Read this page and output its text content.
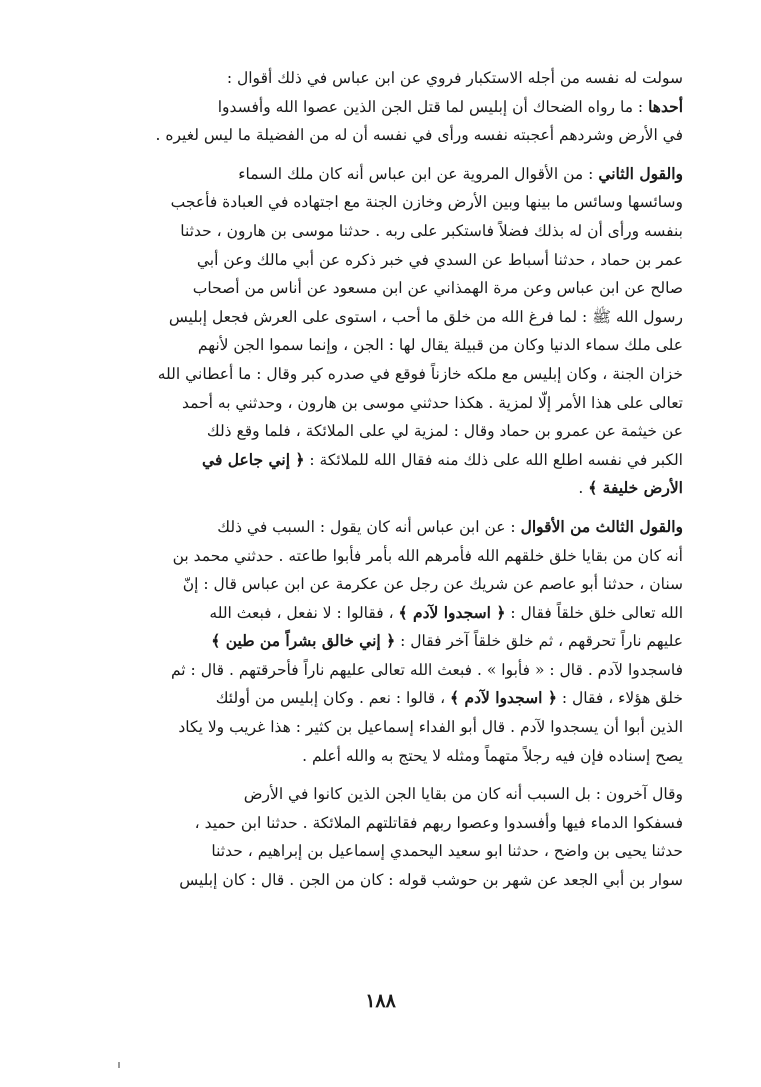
سولت له نفسه من أجله الاستكبار فروي عن ابن عباس في ذلك أقوال :
أحدها : ما رواه الضحاك أن إبليس لما قتل الجن الذين عصوا الله وأفسدوا
في الأرض وشردهم أعجبته نفسه ورأى في نفسه أن له من الفضيلة ما ليس لغيره .
والقول الثاني : من الأقوال المروية عن ابن عباس أنه كان ملك السماء
وسائسها وسائس ما بينها وبين الأرض وخازن الجنة مع اجتهاده في العبادة فأعجب
بنفسه ورأى أن له بذلك فضلاً فاستكبر على ربه . حدثنا موسى بن هارون ، حدثنا
عمر بن حماد ، حدثنا أسباط عن السدي في خبر ذكره عن أبي مالك وعن أبي
صالح عن ابن عباس وعن مرة الهمذاني عن ابن مسعود عن أناس من أصحاب
رسول الله ﷺ : لما فرغ الله من خلق ما أحب ، استوى على العرش فجعل إبليس
على ملك سماء الدنيا وكان من قبيلة يقال لها : الجن ، وإنما سموا الجن لأنهم
خزان الجنة ، وكان إبليس مع ملكه خازناً فوقع في صدره كبر وقال : ما أعطاني الله
تعالى على هذا الأمر إلّا لمزية . هكذا حدثني موسى بن هارون ، وحدثني به أحمد
عن خيثمة عن عمرو بن حماد وقال : لمزية لي على الملائكة ، فلما وقع ذلك
الكبر في نفسه اطلع الله على ذلك منه فقال الله للملائكة : ﴿ إني جاعل في
الأرض خليفة ﴾ .
والقول الثالث من الأقوال : عن ابن عباس أنه كان يقول : السبب في ذلك
أنه كان من بقايا خلق خلقهم الله فأمرهم الله بأمر فأبوا طاعته . حدثني محمد بن
سنان ، حدثنا أبو عاصم عن شريك عن رجل عن عكرمة عن ابن عباس قال : إنّ
الله تعالى خلق خلقاً فقال : ﴿ اسجدوا لآدم ﴾ ، فقالوا : لا نفعل ، فبعث الله
عليهم ناراً تحرقهم ، ثم خلق خلقاً آخر فقال : ﴿ إني خالق بشراً من طين ﴾
فاسجدوا لآدم . قال : « فأبوا » . فبعث الله تعالى عليهم ناراً فأحرقتهم . قال : ثم
خلق هؤلاء ، فقال : ﴿ اسجدوا لآدم ﴾ ، قالوا : نعم . وكان إبليس من أولئك
الذين أبوا أن يسجدوا لآدم . قال أبو الفداء إسماعيل بن كثير : هذا غريب ولا يكاد
يصح إسناده فإن فيه رجلاً متهماً ومثله لا يحتج به والله أعلم .
وقال آخرون : بل السبب أنه كان من بقايا الجن الذين كانوا في الأرض
فسفكوا الدماء فيها وأفسدوا وعصوا ربهم فقاتلتهم الملائكة . حدثنا ابن حميد ،
حدثنا يحيى بن واضح ، حدثنا ابو سعيد اليحمدي إسماعيل بن إبراهيم ، حدثنا
سوار بن أبي الجعد عن شهر بن حوشب قوله : كان من الجن . قال : كان إبليس
١٨٨
